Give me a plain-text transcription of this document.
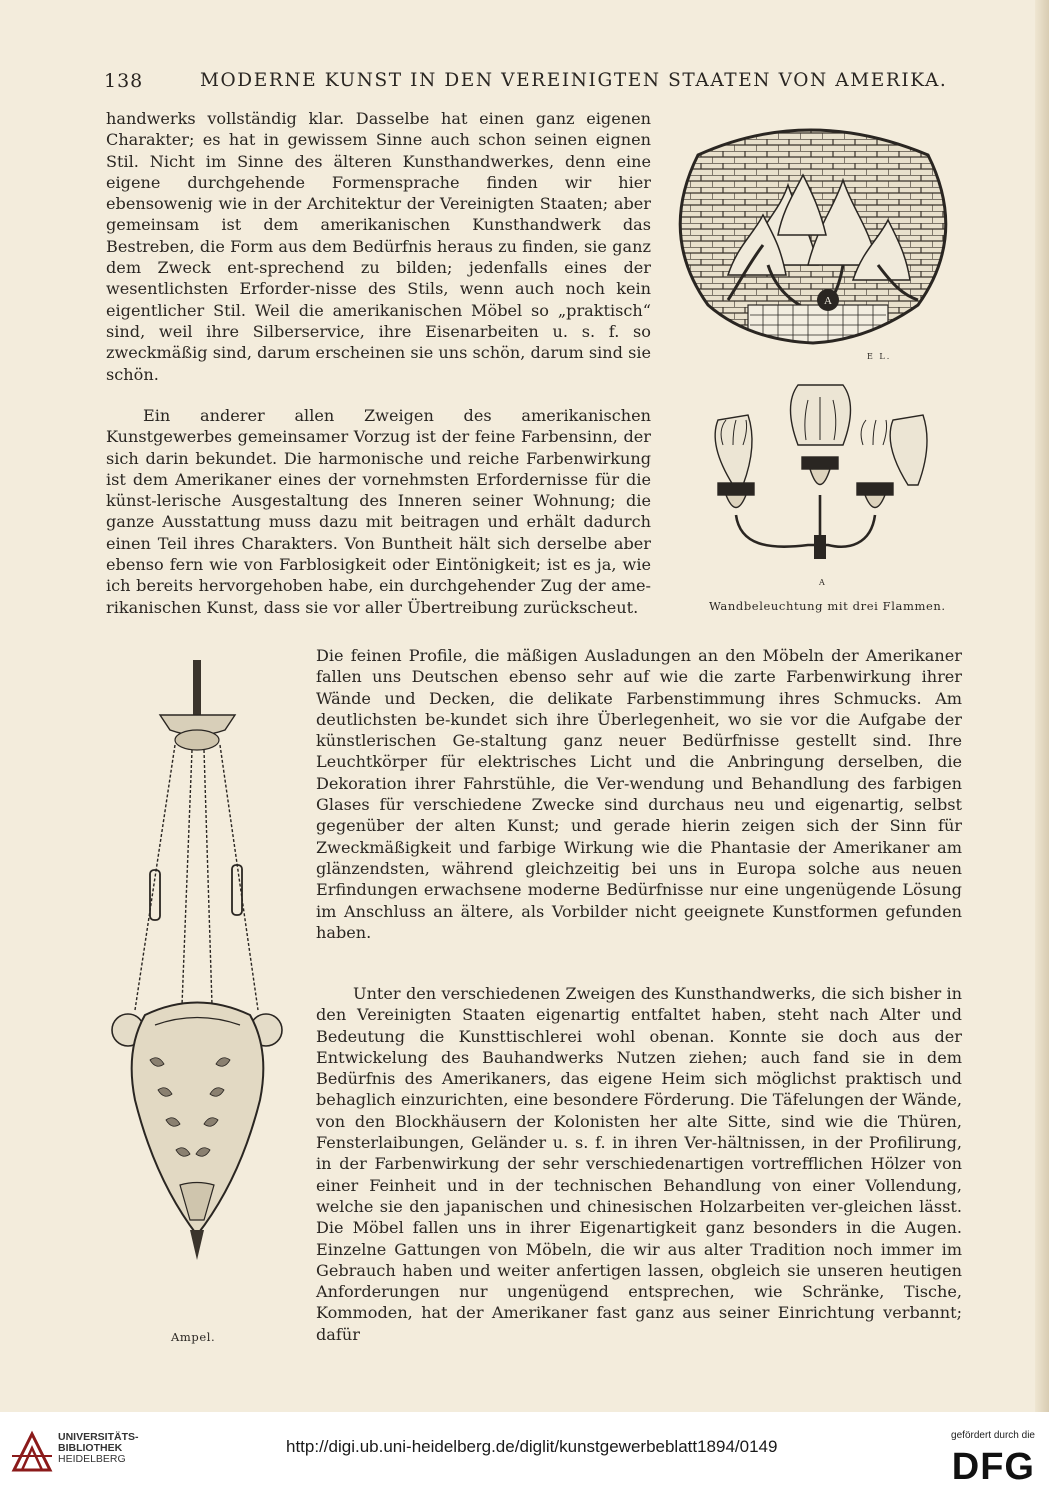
138	MODERNE KUNST IN DEN VEREINIGTEN STAATEN VON AMERIKA.

handwerks vollständig klar. Dasselbe hat einen ganz eigenen Charakter; es hat in gewissem Sinne auch schon seinen eignen Stil. Nicht im Sinne des älteren Kunsthandwerkes, denn eine eigene durchgehende Formensprache finden wir hier ebensowenig wie in der Architektur der Vereinigten Staaten; aber gemeinsam ist dem amerikanischen Kunsthandwerk das Bestreben, die Form aus dem Bedürfnis heraus zu finden, sie ganz dem Zweck ent-sprechend zu bilden; jedenfalls eines der wesentlichsten Erforder-nisse des Stils, wenn auch noch kein eigentlicher Stil. Weil die amerikanischen Möbel so „praktisch“ sind, weil ihre Silberservice, ihre Eisenarbeiten u. s. f. so zweckmäßig sind, darum erscheinen sie uns schön, darum sind sie schön.

Ein anderer allen Zweigen des amerikanischen Kunstgewerbes gemeinsamer Vorzug ist der feine Farbensinn, der sich darin bekundet. Die harmonische und reiche Farbenwirkung ist dem Amerikaner eines der vornehmsten Erfordernisse für die künst-lerische Ausgestaltung des Inneren seiner Wohnung; die ganze Ausstattung muss dazu mit beitragen und erhält dadurch einen Teil ihres Charakters. Von Buntheit hält sich derselbe aber ebenso fern wie von Farblosigkeit oder Eintönigkeit; ist es ja, wie ich bereits hervorgehoben habe, ein durchgehender Zug der ame-rikanischen Kunst, dass sie vor aller Übertreibung zurückscheut.

Die feinen Profile, die mäßigen Ausladungen an den Möbeln der Amerikaner fallen uns Deutschen ebenso sehr auf wie die zarte Farbenwirkung ihrer Wände und Decken, die delikate Farbenstimmung ihres Schmucks. Am deutlichsten be-kundet sich ihre Überlegenheit, wo sie vor die Aufgabe der künstlerischen Ge-staltung ganz neuer Bedürfnisse gestellt sind. Ihre Leuchtkörper für elektrisches Licht und die Anbringung derselben, die Dekoration ihrer Fahrstühle, die Ver-wendung und Behandlung des farbigen Glases für verschiedene Zwecke sind durchaus neu und eigenartig, selbst gegenüber der alten Kunst; und gerade hierin zeigen sich der Sinn für Zweckmäßigkeit und farbige Wirkung wie die Phantasie der Amerikaner am glänzendsten, während gleichzeitig bei uns in Europa solche aus neuen Erfindungen erwachsene moderne Bedürfnisse nur eine ungenügende Lösung im Anschluss an ältere, als Vorbilder nicht geeignete Kunstformen gefunden haben.

Unter den verschiedenen Zweigen des Kunsthandwerks, die sich bisher in den Vereinigten Staaten eigenartig entfaltet haben, steht nach Alter und Bedeutung die Kunsttischlerei wohl obenan. Konnte sie doch aus der Entwickelung des Bauhandwerks Nutzen ziehen; auch fand sie in dem Bedürfnis des Amerikaners, das eigene Heim sich möglichst praktisch und behaglich einzurichten, eine besondere Förderung. Die Täfelungen der Wände, von den Blockhäusern der Kolonisten her alte Sitte, sind wie die Thüren, Fensterlaibungen, Geländer u. s. f. in ihren Ver-hältnissen, in der Profilirung, in der Farbenwirkung der sehr verschiedenartigen vortrefflichen Hölzer von einer Feinheit und in der technischen Behandlung von einer Vollendung, welche sie den japanischen und chinesischen Holzarbeiten ver-gleichen lässt. Die Möbel fallen uns in ihrer Eigenartigkeit ganz besonders in die Augen. Einzelne Gattungen von Möbeln, die wir aus alter Tradition noch immer im Gebrauch haben und weiter anfertigen lassen, obgleich sie unseren heutigen Anforderungen nur ungenügend entsprechen, wie Schränke, Tische, Kommoden, hat der Amerikaner fast ganz aus seiner Einrichtung verbannt; dafür

A
E L.
A
Wandbeleuchtung mit drei Flammen.
Ampel.
UNIVERSITÄTS-
BIBLIOTHEK
HEIDELBERG
http://digi.ub.uni-heidelberg.de/diglit/kunstgewerbeblatt1894/0149
gefördert durch die
DFG
